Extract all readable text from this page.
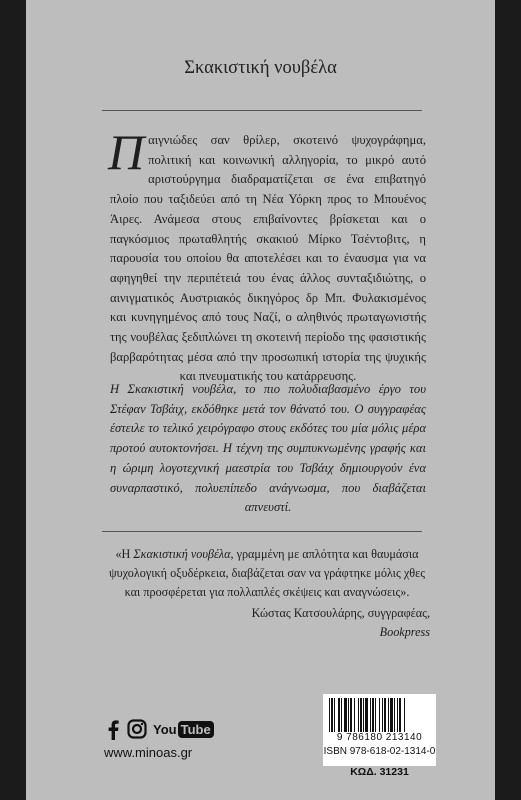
Σκακιστική νουβέλα

Παιγνιώδες σαν θρίλερ, σκοτεινό ψυχογράφημα, πολιτική και κοινωνική αλληγορία, το μικρό αυτό αριστούργημα διαδραματίζεται σε ένα επιβατηγό πλοίο που ταξιδεύει από τη Νέα Υόρκη προς το Μπουένος Άιρες. Ανάμεσα στους επιβαίνοντες βρίσκεται και ο παγκόσμιος πρωταθλητής σκακιού Μίρκο Τσέντοβιτς, η παρουσία του οποίου θα αποτελέσει και το έναυσμα για να αφηγηθεί την περιπέτειά του ένας άλλος συνταξιδιώτης, ο αινιγματικός Αυστριακός δικηγόρος δρ Μπ. Φυλακισμένος και κυνηγημένος από τους Ναζί, ο αληθινός πρωταγωνιστής της νουβέλας ξεδιπλώνει τη σκοτεινή περίοδο της φασιστικής βαρβαρότητας μέσα από την προσωπική ιστορία της ψυχικής και πνευματικής του κατάρρευσης.

Η Σκακιστική νουβέλα, το πιο πολυδιαβασμένο έργο του Στέφαν Τσβάιχ, εκδόθηκε μετά τον θάνατό του. Ο συγγραφέας έστειλε το τελικό χειρόγραφο στους εκδότες του μία μόλις μέρα προτού αυτοκτονήσει. Η τέχνη της συμπυκνωμένης γραφής και η ώριμη λογοτεχνική μαεστρία του Τσβάιχ δημιουργούν ένα συναρπαστικό, πολυεπίπεδο ανάγνωσμα, που διαβάζεται απνευστί.

«Η Σκακιστική νουβέλα, γραμμένη με απλότητα και θαυμάσια ψυχολογική οξυδέρκεια, διαβάζεται σαν να γράφτηκε μόλις χθες και προσφέρεται για πολλαπλές σκέψεις και αναγνώσεις».

Κώστας Κατσουλάρης, συγγραφέας,
Bookpress
You Tube
www.minoas.gr
9 786180 213140
ISBN 978-618-02-1314-0
ΚΩΔ. 31231
